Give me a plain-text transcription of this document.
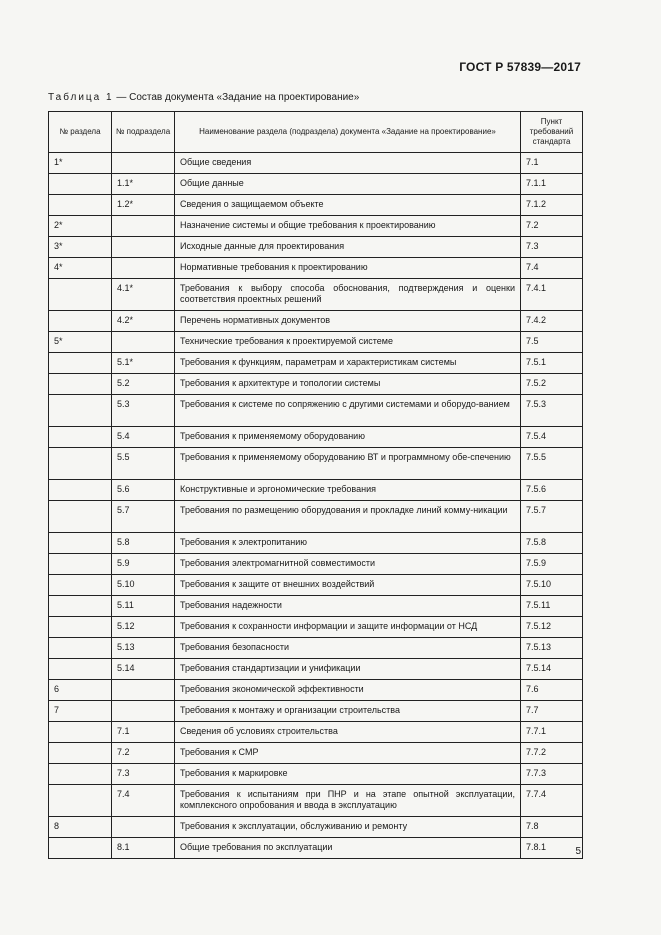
ГОСТ Р 57839—2017
Таблица 1 — Состав документа «Задание на проектирование»
№ раздела	№ подраздела	Наименование раздела (подраздела) документа «Задание на проектирование»	Пункт требований стандарта
1*		Общие сведения	7.1
	1.1*	Общие данные	7.1.1
	1.2*	Сведения о защищаемом объекте	7.1.2
2*		Назначение системы и общие требования к проектированию	7.2
3*		Исходные данные для проектирования	7.3
4*		Нормативные требования к проектированию	7.4
	4.1*	Требования к выбору способа обоснования, подтверждения и оценки соответствия проектных решений	7.4.1
	4.2*	Перечень нормативных документов	7.4.2
5*		Технические требования к проектируемой системе	7.5
	5.1*	Требования к функциям, параметрам и характеристикам системы	7.5.1
	5.2	Требования к архитектуре и топологии системы	7.5.2
	5.3	Требования к системе по сопряжению с другими системами и оборудо-ванием	7.5.3
	5.4	Требования к применяемому оборудованию	7.5.4
	5.5	Требования к применяемому оборудованию ВТ и программному обе-спечению	7.5.5
	5.6	Конструктивные и эргономические требования	7.5.6
	5.7	Требования по размещению оборудования и прокладке линий комму-никации	7.5.7
	5.8	Требования к электропитанию	7.5.8
	5.9	Требования электромагнитной совместимости	7.5.9
	5.10	Требования к защите от внешних воздействий	7.5.10
	5.11	Требования надежности	7.5.11
	5.12	Требования к сохранности информации и защите информации от НСД	7.5.12
	5.13	Требования безопасности	7.5.13
	5.14	Требования стандартизации и унификации	7.5.14
6		Требования экономической эффективности	7.6
7		Требования к монтажу и организации строительства	7.7
	7.1	Сведения об условиях строительства	7.7.1
	7.2	Требования к СМР	7.7.2
	7.3	Требования к маркировке	7.7.3
	7.4	Требования к испытаниям при ПНР и на этапе опытной эксплуатации, комплексного опробования и ввода в эксплуатацию	7.7.4
8		Требования к эксплуатации, обслуживанию и ремонту	7.8
	8.1	Общие требования по эксплуатации	7.8.1	5
